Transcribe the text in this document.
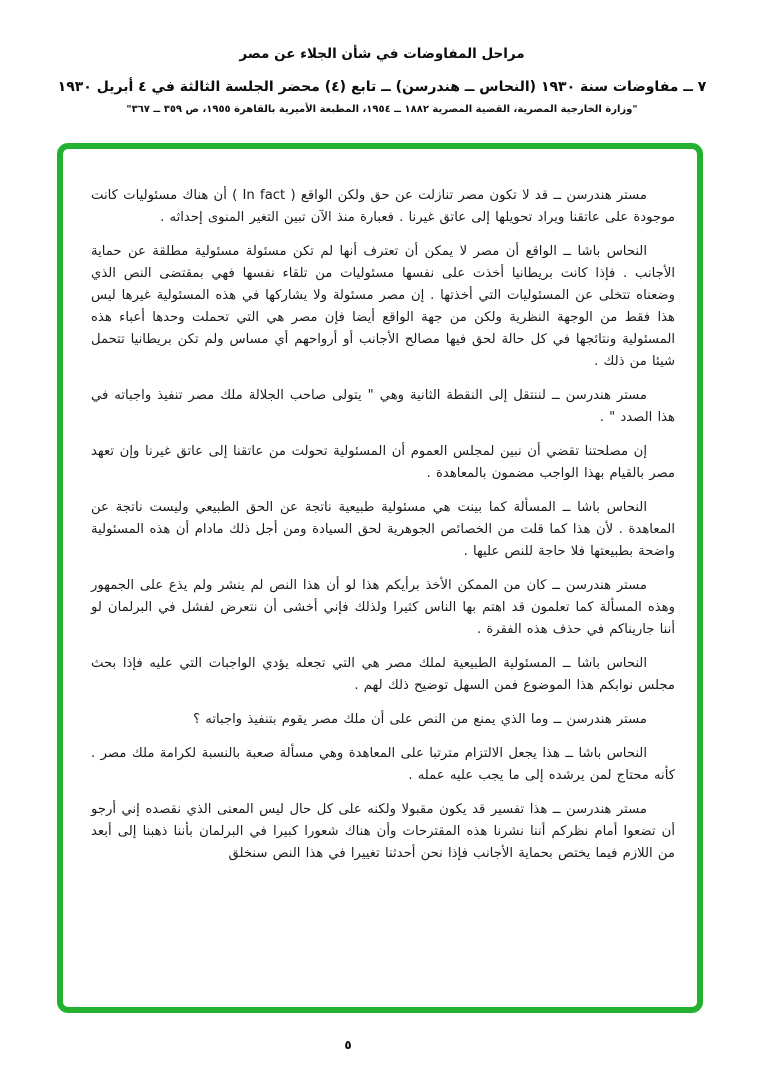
مراحل المفاوضات في شأن الجلاء عن مصر
٧ ــ مفاوضات سنة ١٩٣٠ (النحاس ــ هندرسن) ــ تابع (٤) محضر الجلسة الثالثة في ٤ أبريل ١٩٣٠
"وزارة الخارجية المصرية، القضية المصرية ١٨٨٢ ــ ١٩٥٤، المطبعة الأميرية بالقاهرة ١٩٥٥، ص ٣٥٩ ــ ٣٦٧"

مستر هندرسن ــ قد لا تكون مصر تنازلت عن حق ولكن الواقع ( In fact ) أن هناك مسئوليات كانت موجودة على عاتقنا ويراد تحويلها إلى عاتق غيرنا . فعبارة منذ الآن تبين التغير المنوى إحداثه .

النحاس باشا ــ الواقع أن مصر لا يمكن أن تعترف أنها لم تكن مسئولة مسئولية مطلقة عن حماية الأجانب . فإذا كانت بريطانيا أخذت على نفسها مسئوليات من تلقاء نفسها فهي بمقتضى النص الذي وضعناه تتخلى عن المسئوليات التي أخذتها . إن مصر مسئولة ولا يشاركها في هذه المسئولية غيرها ليس هذا فقط من الوجهة النظرية ولكن من جهة الواقع أيضا فإن مصر هي التي تحملت وحدها أعباء هذه المسئولية ونتائجها في كل حالة لحق فيها مصالح الأجانب أو أرواحهم أي مساس ولم تكن بريطانيا تتحمل شيئا من ذلك .

مستر هندرسن ــ لننتقل إلى النقطة الثانية وهي " يتولى صاحب الجلالة ملك مصر تنفيذ واجباته في هذا الصدد " .

إن مصلحتنا تقضي أن نبين لمجلس العموم أن المسئولية تحولت من عاتقنا إلى عاتق غيرنا وإن تعهد مصر بالقيام بهذا الواجب مضمون بالمعاهدة .

النحاس باشا ــ المسألة كما بينت هي مسئولية طبيعية ناتجة عن الحق الطبيعي وليست ناتجة عن المعاهدة . لأن هذا كما قلت من الخصائص الجوهرية لحق السيادة ومن أجل ذلك مادام أن هذه المسئولية واضحة بطبيعتها فلا حاجة للنص عليها .

مستر هندرسن ــ كان من الممكن الأخذ برأيكم هذا لو أن هذا النص لم ينشر ولم يذع على الجمهور وهذه المسألة كما تعلمون قد اهتم بها الناس كثيرا ولذلك فإني أخشى أن نتعرض لفشل في البرلمان لو أننا جاريناكم في حذف هذه الفقرة .

النحاس باشا ــ المسئولية الطبيعية لملك مصر هي التي تجعله يؤدي الواجبات التي عليه فإذا بحث مجلس نوابكم هذا الموضوع فمن السهل توضيح ذلك لهم .

مستر هندرسن ــ وما الذي يمنع من النص على أن ملك مصر يقوم بتنفيذ واجباته ؟

النحاس باشا ــ هذا يجعل الالتزام مترتبا على المعاهدة وهي مسألة صعبة بالنسبة لكرامة ملك مصر . كأنه محتاج لمن يرشده إلى ما يجب عليه عمله .

مستر هندرسن ــ هذا تفسير قد يكون مقبولا ولكنه على كل حال ليس المعنى الذي نقصده إني أرجو أن تضعوا أمام نظركم أننا نشرنا هذه المقترحات وأن هناك شعورا كبيرا في البرلمان بأننا ذهبنا إلى أبعد من اللازم فيما يختص بحماية الأجانب فإذا نحن أحدثنا تغييرا في هذا النص سنخلق

٥
